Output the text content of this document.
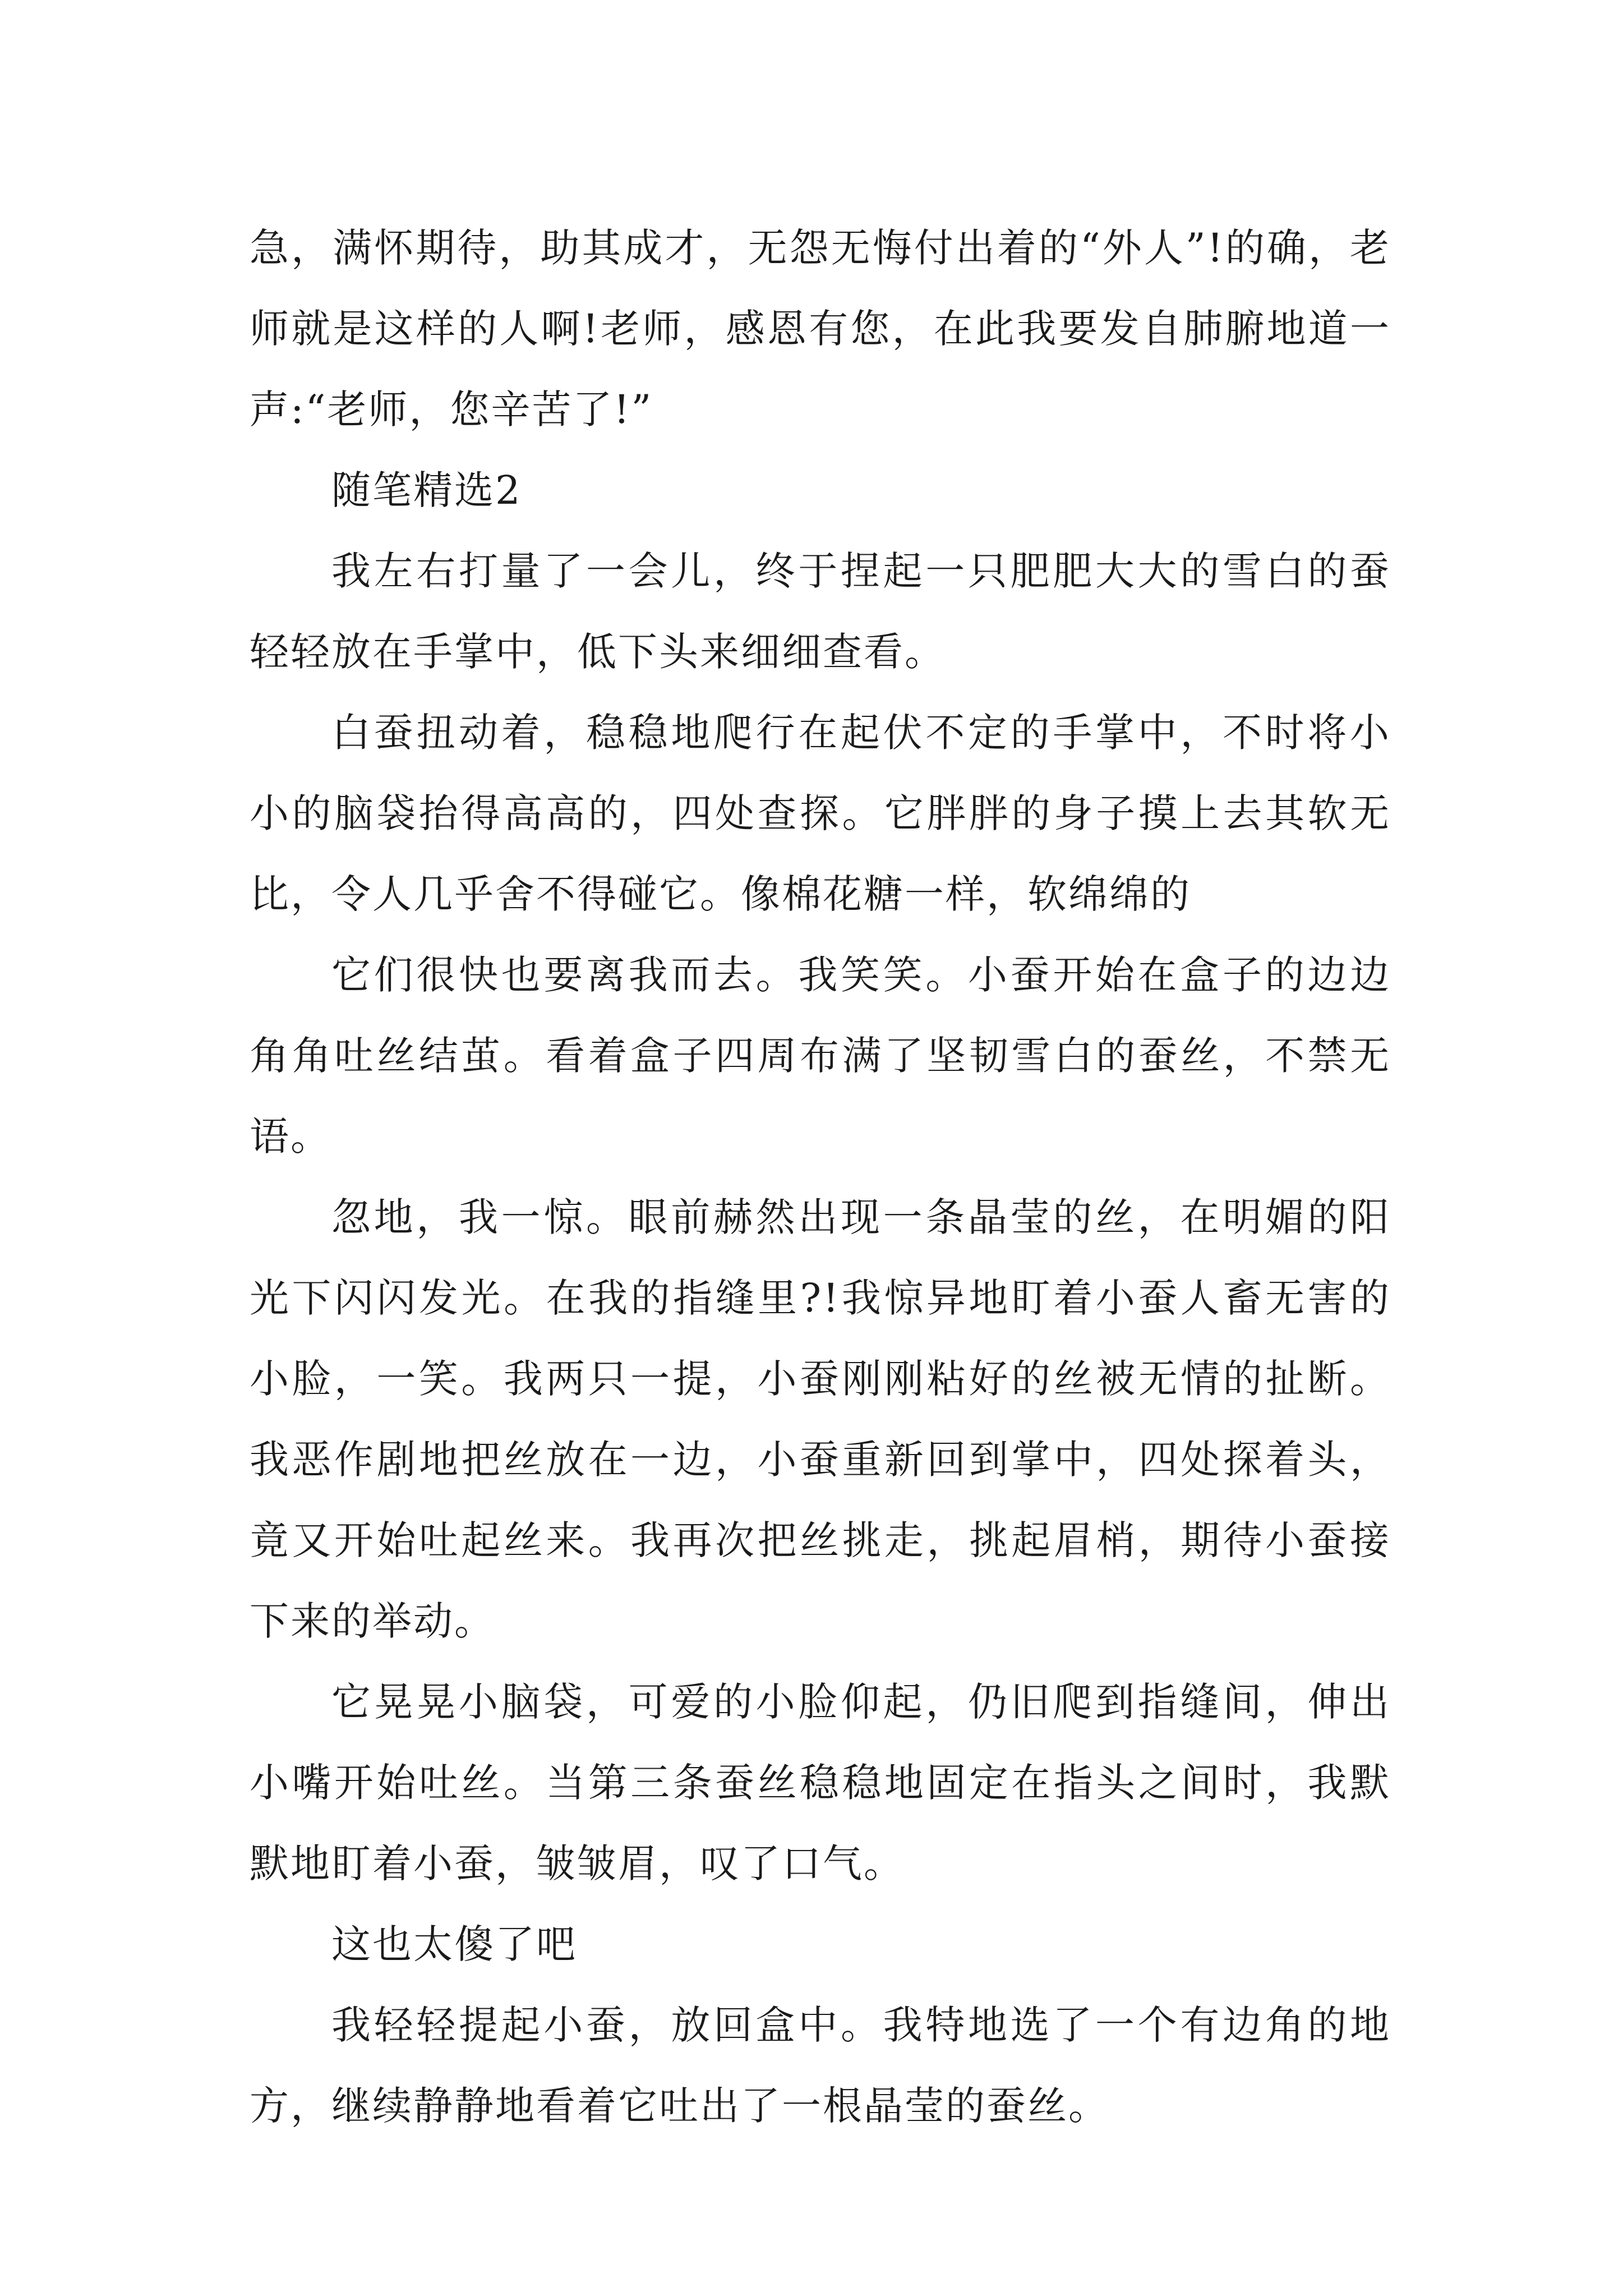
急，满怀期待，助其成才，无怨无悔付出着的“外人”!的确，老师就是这样的人啊!老师，感恩有您，在此我要发自肺腑地道一声:“老师，您辛苦了!”

随笔精选2

我左右打量了一会儿，终于捏起一只肥肥大大的雪白的蚕轻轻放在手掌中，低下头来细细查看。

白蚕扭动着，稳稳地爬行在起伏不定的手掌中，不时将小小的脑袋抬得高高的，四处查探。它胖胖的身子摸上去其软无比，令人几乎舍不得碰它。像棉花糖一样，软绵绵的

它们很快也要离我而去。我笑笑。小蚕开始在盒子的边边角角吐丝结茧。看着盒子四周布满了坚韧雪白的蚕丝，不禁无语。

忽地，我一惊。眼前赫然出现一条晶莹的丝，在明媚的阳光下闪闪发光。在我的指缝里?!我惊异地盯着小蚕人畜无害的小脸，一笑。我两只一提，小蚕刚刚粘好的丝被无情的扯断。我恶作剧地把丝放在一边，小蚕重新回到掌中，四处探着头，竟又开始吐起丝来。我再次把丝挑走，挑起眉梢，期待小蚕接下来的举动。

它晃晃小脑袋，可爱的小脸仰起，仍旧爬到指缝间，伸出小嘴开始吐丝。当第三条蚕丝稳稳地固定在指头之间时，我默默地盯着小蚕，皱皱眉，叹了口气。

这也太傻了吧

我轻轻提起小蚕，放回盒中。我特地选了一个有边角的地方，继续静静地看着它吐出了一根晶莹的蚕丝。
